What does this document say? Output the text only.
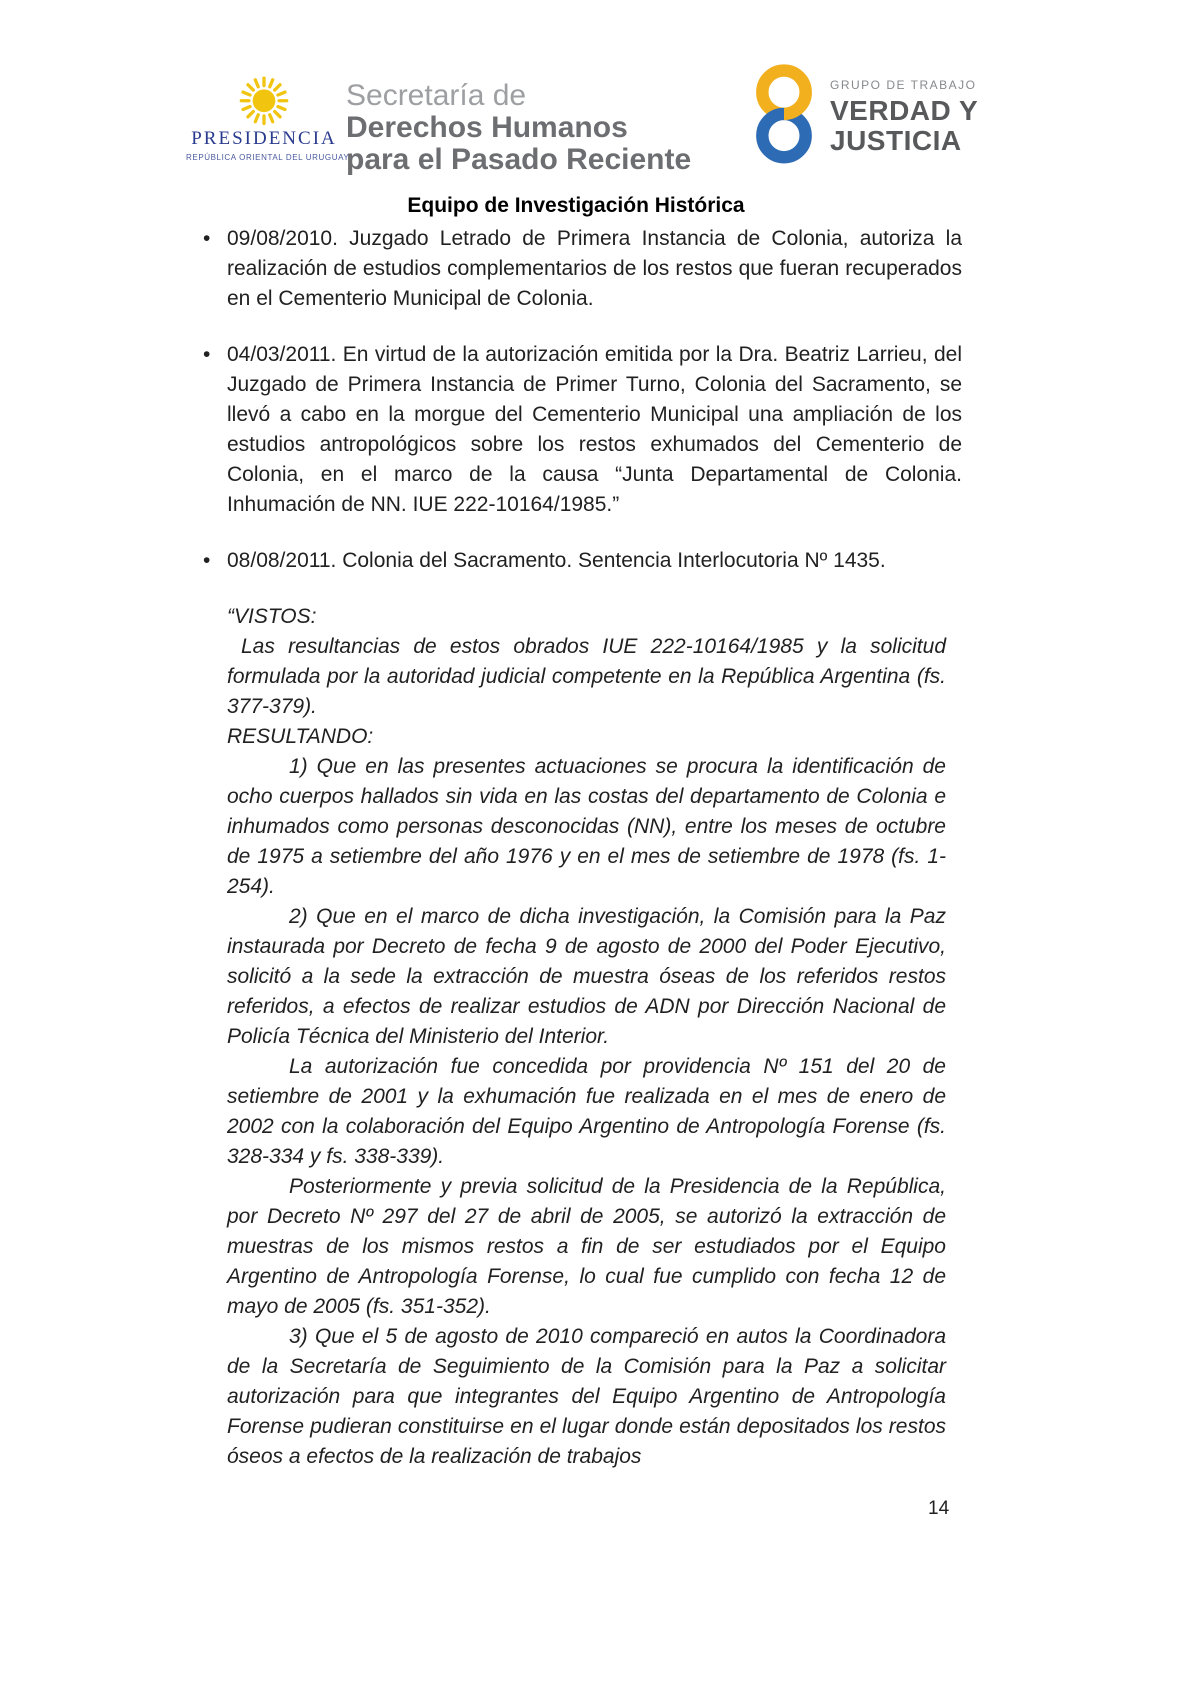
PRESIDENCIA
REPÚBLICA ORIENTAL DEL URUGUAY
Secretaría de
Derechos Humanos
para el Pasado Reciente
GRUPO DE TRABAJO
VERDAD Y
JUSTICIA
Equipo de Investigación Histórica
• 09/08/2010. Juzgado Letrado de Primera Instancia de Colonia, autoriza la realización de estudios complementarios de los restos que fueran recuperados en el Cementerio Municipal de Colonia.
• 04/03/2011. En virtud de la autorización emitida por la Dra. Beatriz Larrieu, del Juzgado de Primera Instancia de Primer Turno, Colonia del Sacramento, se llevó a cabo en la morgue del Cementerio Municipal una ampliación de los estudios antropológicos sobre los restos exhumados del Cementerio de Colonia, en el marco de la causa “Junta Departamental de Colonia. Inhumación de NN. IUE 222-10164/1985.”
• 08/08/2011. Colonia del Sacramento. Sentencia Interlocutoria Nº 1435.

“VISTOS:

Las resultancias de estos obrados IUE 222-10164/1985 y la solicitud formulada por la autoridad judicial competente en la República Argentina (fs. 377-379).

RESULTANDO:

1) Que en las presentes actuaciones se procura la identificación de ocho cuerpos hallados sin vida en las costas del departamento de Colonia e inhumados como personas desconocidas (NN), entre los meses de octubre de 1975 a setiembre del año 1976 y en el mes de setiembre de 1978 (fs. 1-254).

2) Que en el marco de dicha investigación, la Comisión para la Paz instaurada por Decreto de fecha 9 de agosto de 2000 del Poder Ejecutivo, solicitó a la sede la extracción de muestra óseas de los referidos restos referidos, a efectos de realizar estudios de ADN por Dirección Nacional de Policía Técnica del Ministerio del Interior.

La autorización fue concedida por providencia Nº 151 del 20 de setiembre de 2001 y la exhumación fue realizada en el mes de enero de 2002 con la colaboración del Equipo Argentino de Antropología Forense (fs. 328-334 y fs. 338-339).

Posteriormente y previa solicitud de la Presidencia de la República, por Decreto Nº 297 del 27 de abril de 2005, se autorizó la extracción de muestras de los mismos restos a fin de ser estudiados por el Equipo Argentino de Antropología Forense, lo cual fue cumplido con fecha 12 de mayo de 2005 (fs. 351-352).

3) Que el 5 de agosto de 2010 compareció en autos la Coordinadora de la Secretaría de Seguimiento de la Comisión para la Paz a solicitar autorización para que integrantes del Equipo Argentino de Antropología Forense pudieran constituirse en el lugar donde están depositados los restos óseos a efectos de la realización de trabajos

14
